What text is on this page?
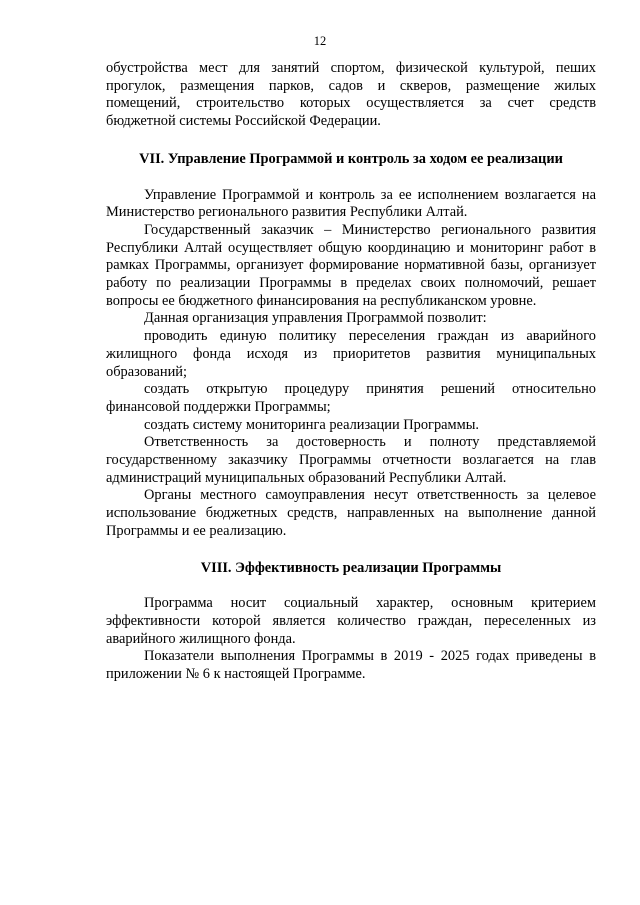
12

обустройства мест для занятий спортом, физической культурой, пеших прогулок, размещения парков, садов и скверов, размещение жилых помещений, строительство которых осуществляется за счет средств бюджетной системы Российской Федерации.

VII. Управление Программой и контроль за ходом ее реализации

Управление Программой и контроль за ее исполнением возлагается на Министерство регионального развития Республики Алтай.

Государственный заказчик – Министерство регионального развития Республики Алтай осуществляет общую координацию и мониторинг работ в рамках Программы, организует формирование нормативной базы, организует работу по реализации Программы в пределах своих полномочий, решает вопросы ее бюджетного финансирования на республиканском уровне.

Данная организация управления Программой позволит:

проводить единую политику переселения граждан из аварийного жилищного фонда исходя из приоритетов развития муниципальных образований;

создать открытую процедуру принятия решений относительно финансовой поддержки Программы;

создать систему мониторинга реализации Программы.

Ответственность за достоверность и полноту представляемой государственному заказчику Программы отчетности возлагается на глав администраций муниципальных образований Республики Алтай.

Органы местного самоуправления несут ответственность за целевое использование бюджетных средств, направленных на выполнение данной Программы и ее реализацию.

VIII. Эффективность реализации Программы

Программа носит социальный характер, основным критерием эффективности которой является количество граждан, переселенных из аварийного жилищного фонда.

Показатели выполнения Программы в 2019 - 2025 годах приведены в приложении № 6 к настоящей Программе.
